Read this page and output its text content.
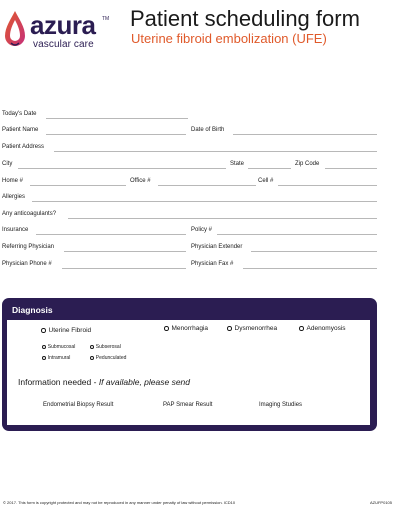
azura TM
vascular care
Patient scheduling form
Uterine fibroid embolization (UFE)
Today's Date
Patient Name	Date of Birth
Patient Address
City	State	Zip Code
Home #	Office #	Cell #
Allergies
Any anticoagulants?
Insurance	Policy #
Referring Physician	Physician Extender
Physician Phone #	Physician Fax #
Diagnosis
Uterine Fibroid	Menorrhagia	Dysmenorrhea	Adenomyosis
Submucosal	Subserosal
Intramural	Pedunculated
Information needed - If available, please send
Endometrial Biopsy Result	PAP Smear Result	Imaging Studies
© 2017. This form is copyright protected and may not be reproduced in any manner under penalty of law without permission. ICD10	AZUFP0105
